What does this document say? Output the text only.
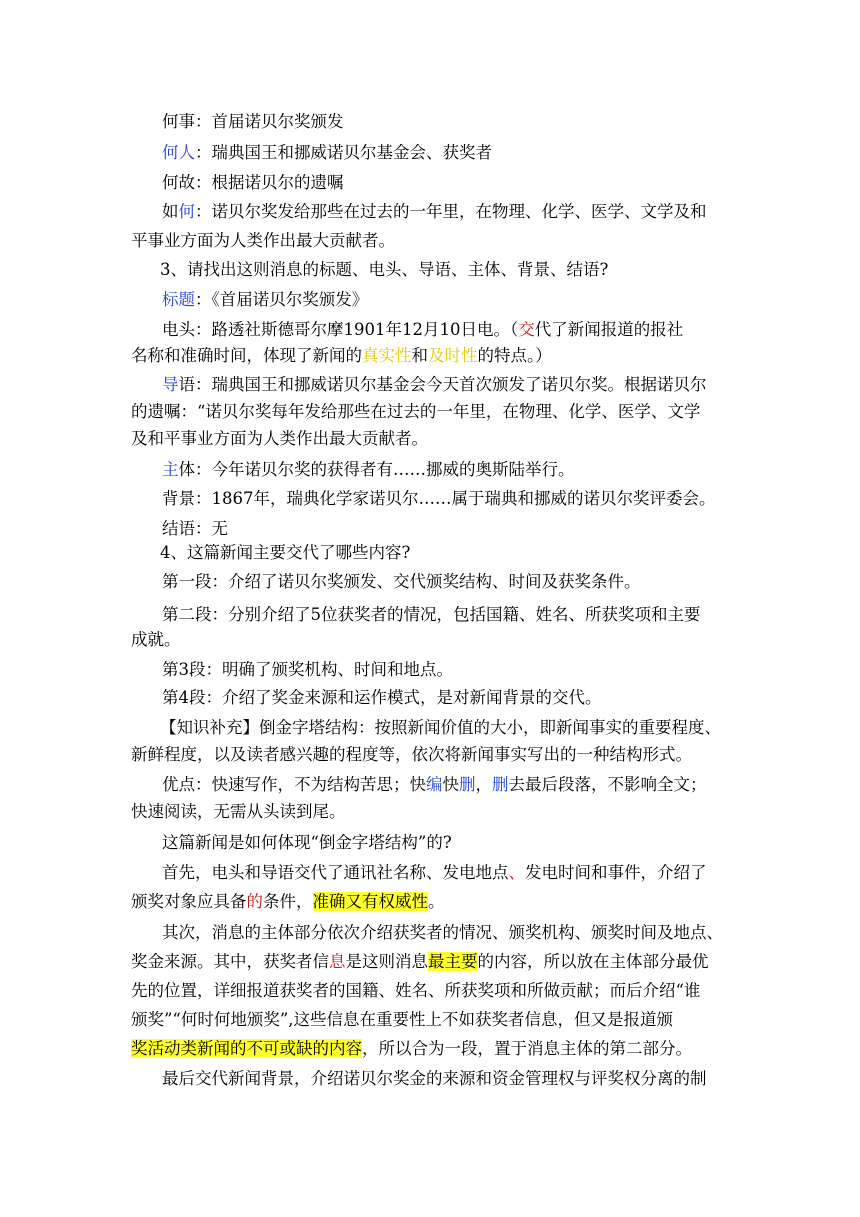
何事：首届诺贝尔奖颁发
何人：瑞典国王和挪威诺贝尔基金会、获奖者
何故：根据诺贝尔的遗嘱
如何：诺贝尔奖发给那些在过去的一年里，在物理、化学、医学、文学及和
平事业方面为人类作出最大贡献者。
3、请找出这则消息的标题、电头、导语、主体、背景、结语?
标题：《首届诺贝尔奖颁发》
电头：路透社斯德哥尔摩1901年12月10日电。（交代了新闻报道的报社
名称和准确时间，体现了新闻的真实性和及时性的特点。）
导语：瑞典国王和挪威诺贝尔基金会今天首次颁发了诺贝尔奖。根据诺贝尔
的遗嘱：“诺贝尔奖每年发给那些在过去的一年里，在物理、化学、医学、文学
及和平事业方面为人类作出最大贡献者。
主体：今年诺贝尔奖的获得者有……挪威的奥斯陆举行。
背景：1867年，瑞典化学家诺贝尔……属于瑞典和挪威的诺贝尔奖评委会。
结语：无
4、这篇新闻主要交代了哪些内容?
第一段：介绍了诺贝尔奖颁发、交代颁奖结构、时间及获奖条件。
第二段：分别介绍了5位获奖者的情况，包括国籍、姓名、所获奖项和主要
成就。
第3段：明确了颁奖机构、时间和地点。
第4段：介绍了奖金来源和运作模式，是对新闻背景的交代。
【知识补充】倒金字塔结构：按照新闻价值的大小，即新闻事实的重要程度、
新鲜程度，以及读者感兴趣的程度等，依次将新闻事实写出的一种结构形式。
优点：快速写作，不为结构苦思；快编快删，删去最后段落，不影响全文；
快速阅读，无需从头读到尾。
这篇新闻是如何体现“倒金字塔结构”的?
首先，电头和导语交代了通讯社名称、发电地点、发电时间和事件，介绍了
颁奖对象应具备的条件，准确又有权威性。
其次，消息的主体部分依次介绍获奖者的情况、颁奖机构、颁奖时间及地点、
奖金来源。其中，获奖者信息是这则消息最主要的内容，所以放在主体部分最优
先的位置，详细报道获奖者的国籍、姓名、所获奖项和所做贡献；而后介绍“谁
颁奖”“何时何地颁奖”,这些信息在重要性上不如获奖者信息，但又是报道颁
奖活动类新闻的不可或缺的内容，所以合为一段，置于消息主体的第二部分。
最后交代新闻背景，介绍诺贝尔奖金的来源和资金管理权与评奖权分离的制
